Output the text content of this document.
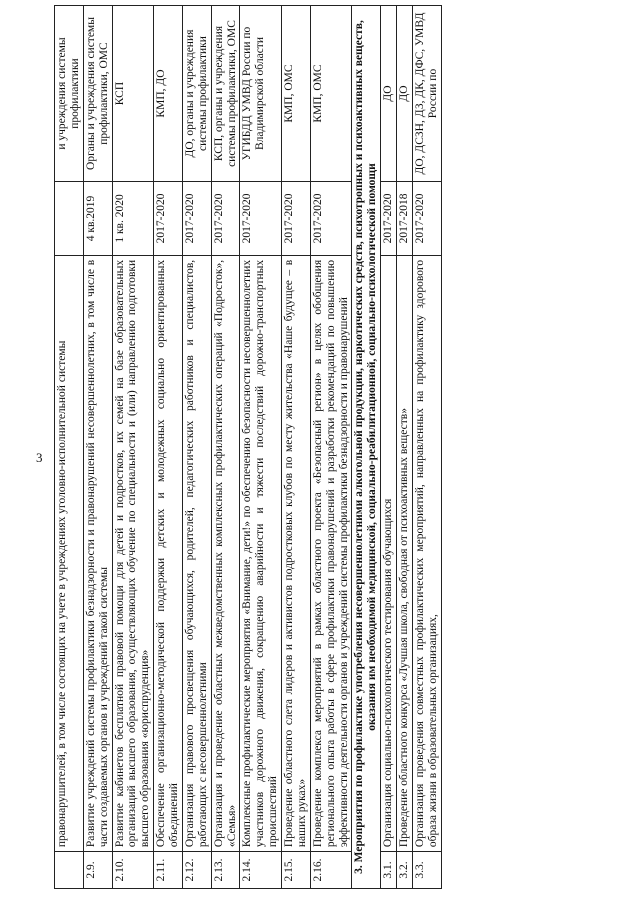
3
	правонарушителей, в том числе состоящих на учете в учреждениях уголовно-исполнительной системы		и учреждения системы профилактики
2.9.	Развитие учреждений системы профилактики безнадзорности и правонарушений несовершеннолетних, в том числе в части создаваемых органов и учреждений такой системы	4 кв.2019	Органы и учреждения системы профилактики, ОМС
2.10.	Развитие кабинетов бесплатной правовой помощи для детей и подростков, их семей на базе образовательных организаций высшего образования, осуществляющих обучение по специальности и (или) направлению подготовки высшего образования «юриспруденция»	1 кв. 2020	КСП
2.11.	Обеспечение организационно-методической поддержки детских и молодежных социально ориентированных объединений	2017-2020	КМП, ДО
2.12.	Организация правового просвещения обучающихся, родителей, педагогических работников и специалистов, работающих с несовершеннолетними	2017-2020	ДО, органы и учреждения системы профилактики
2.13.	Организация и проведение областных межведомственных комплексных профилактических операций «Подросток», «Семья»	2017-2020	КСП, органы и учреждения системы профилактики, ОМС
2.14.	Комплексные профилактические мероприятия «Внимание, дети!» по обеспечению безопасности несовершеннолетних участников дорожного движения, сокращению аварийности и тяжести последствий дорожно-транспортных происшествий	2017-2020	УГИБДД УМВД России по Владимирской области
2.15.	Проведение областного слета лидеров и активистов подростковых клубов по месту жительства «Наше будущее – в наших руках»	2017-2020	КМП, ОМС
2.16.	Проведение комплекса мероприятий в рамках областного проекта «Безопасный регион» в целях обобщения регионального опыта работы в сфере профилактики правонарушений и разработки рекомендаций по повышению эффективности деятельности органов и учреждений системы профилактики безнадзорности и правонарушений	2017-2020	КМП, ОМС
3. Мероприятия по профилактике употребления несовершеннолетними алкогольной продукции, наркотических средств, психотропных и психоактивных веществ, оказания им необходимой медицинской, социально-реабилитационной, социально-психологической помощи			
3.1.	Организация социально-психологического тестирования обучающихся	2017-2020	ДО
3.2.	Проведение областного конкурса «Лучшая школа, свободная от психоактивных веществ»	2017-2018	ДО
3.3.	Организация проведения совместных профилактических мероприятий, направленных на профилактику здорового образа жизни в образовательных организациях,	2017-2020	ДО, ДСЗН, ДЗ, ДК, ДФС, УМВД России по
